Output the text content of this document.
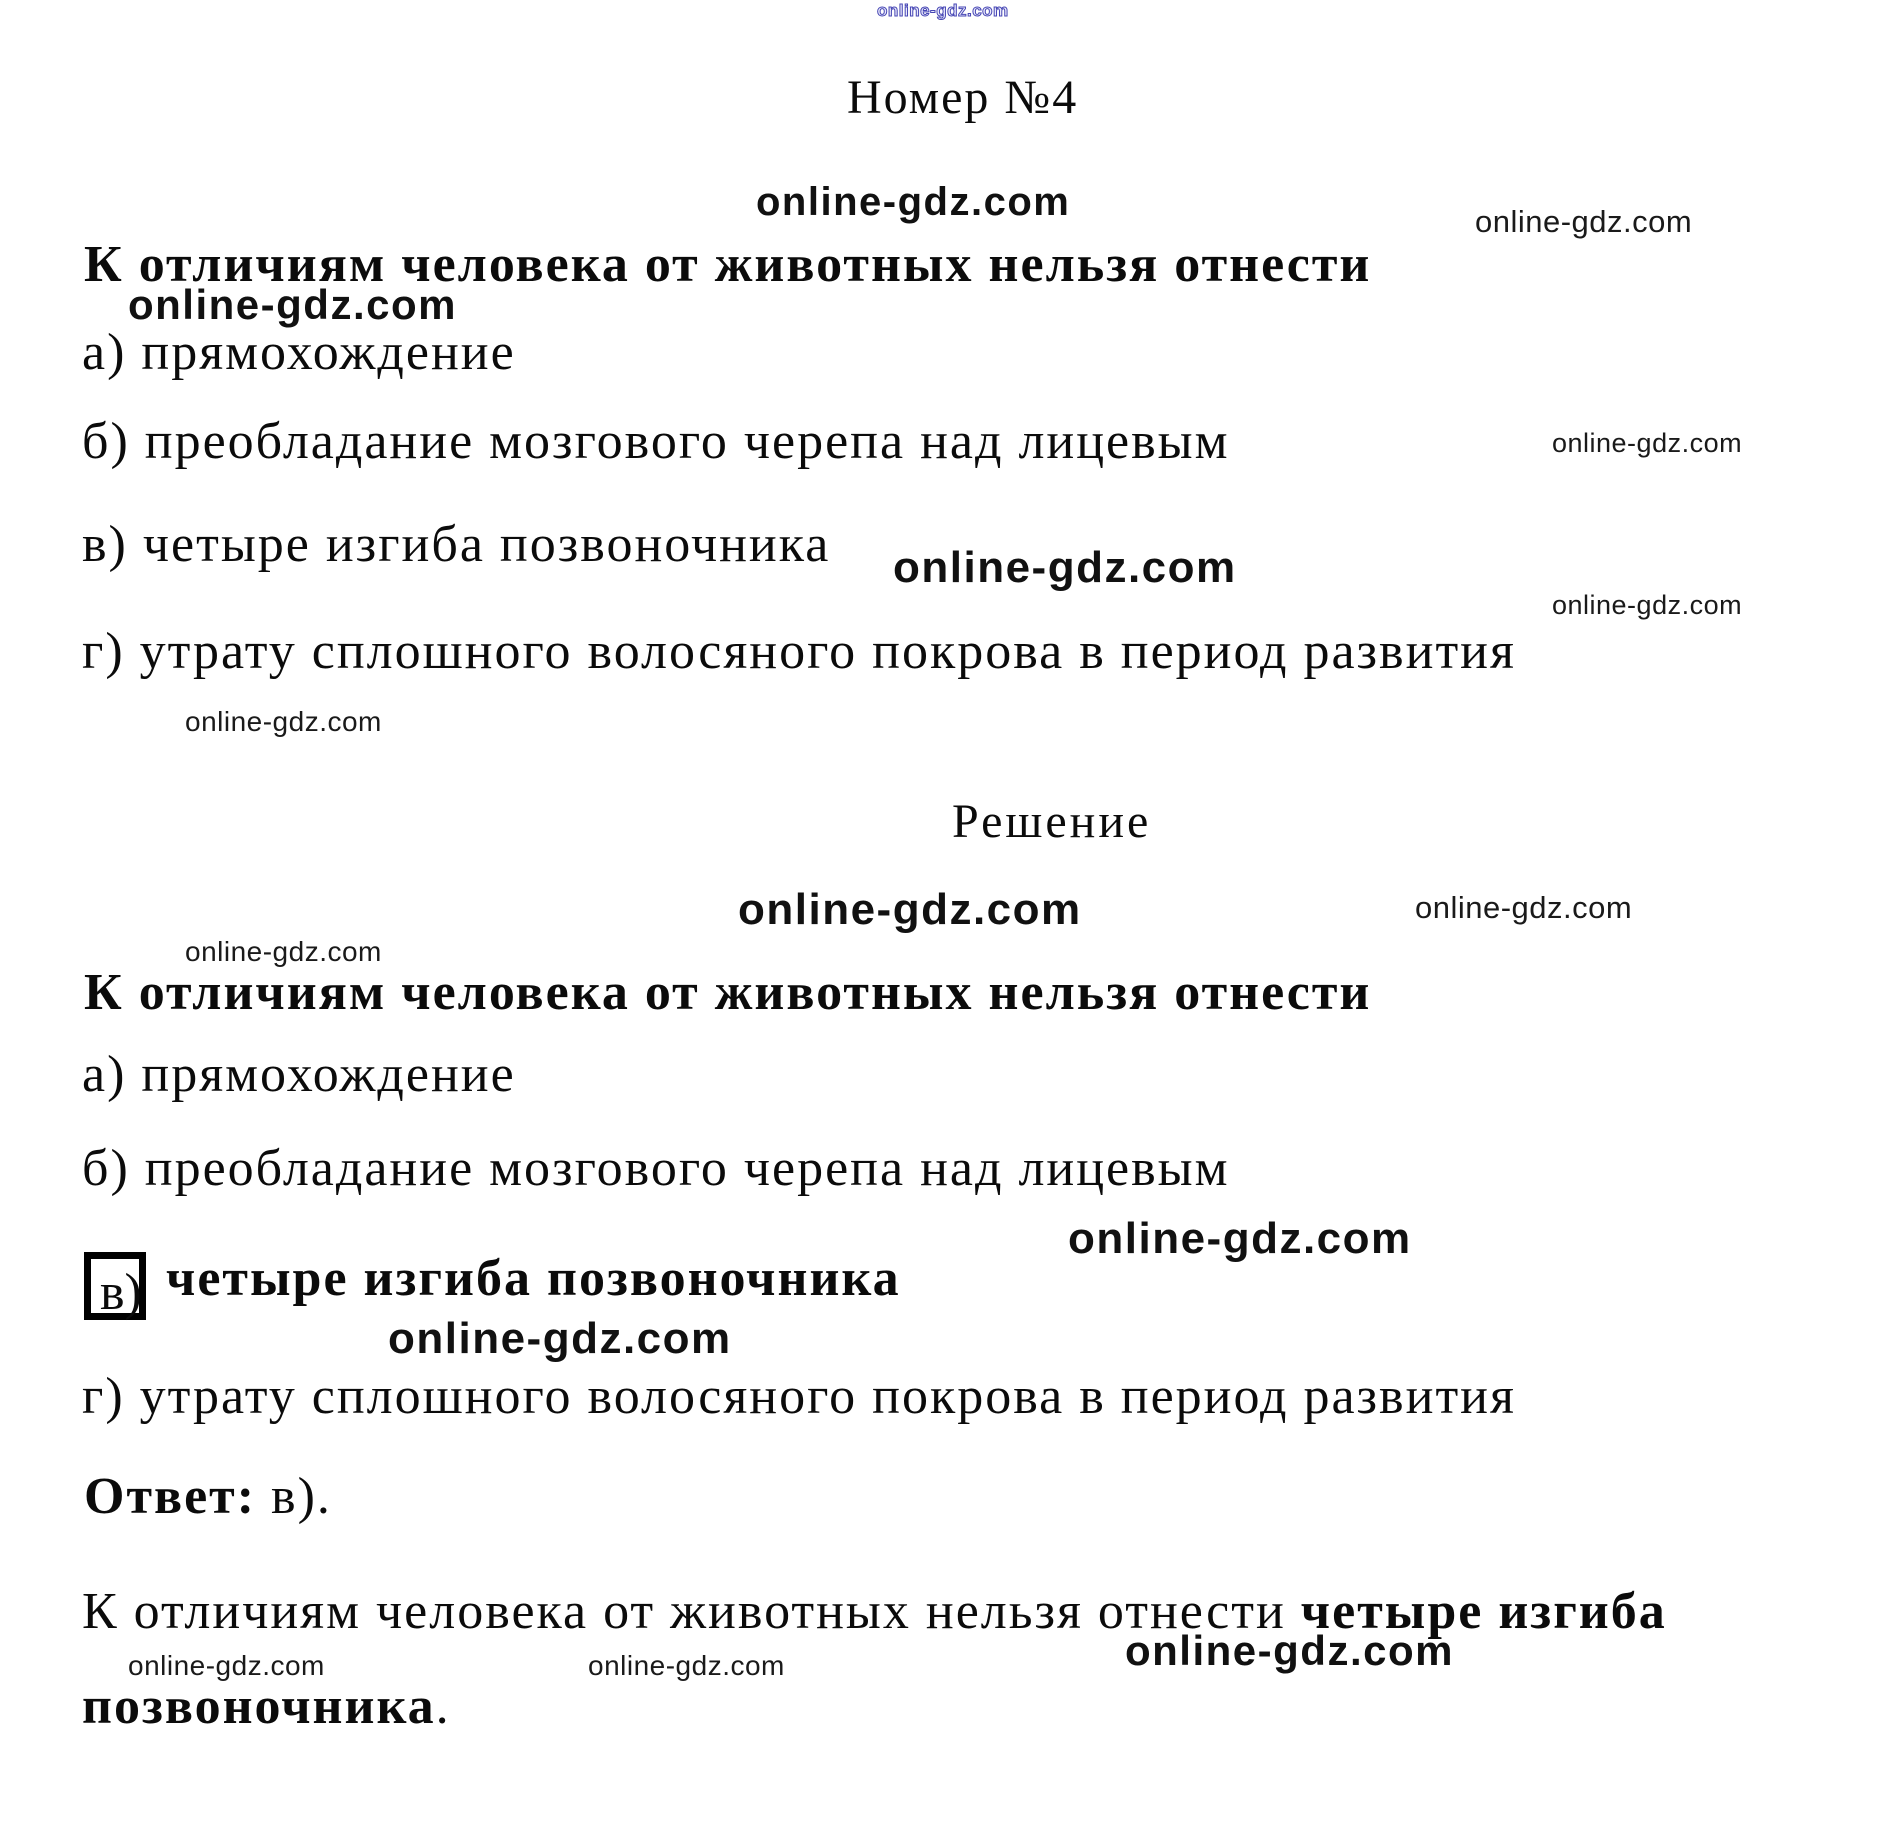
online-gdz.com
Номер №4
online-gdz.com	online-gdz.com
К отличиям человека от животных нельзя отнести
online-gdz.com
а) прямохождение
б) преобладание мозгового черепа над лицевым	online-gdz.com
в) четыре изгиба позвоночника online-gdz.com
online-gdz.com
г) утрату сплошного волосяного покрова в период развития
online-gdz.com
Решение
online-gdz.com	online-gdz.com
online-gdz.com
К отличиям человека от животных нельзя отнести
а) прямохождение
б) преобладание мозгового черепа над лицевым
online-gdz.com
в) четыре изгиба позвоночника
online-gdz.com
г) утрату сплошного волосяного покрова в период развития
Ответ: в).
К отличиям человека от животных нельзя отнести четыре изгиба
online-gdz.com	online-gdz.com	online-gdz.com
позвоночника.
